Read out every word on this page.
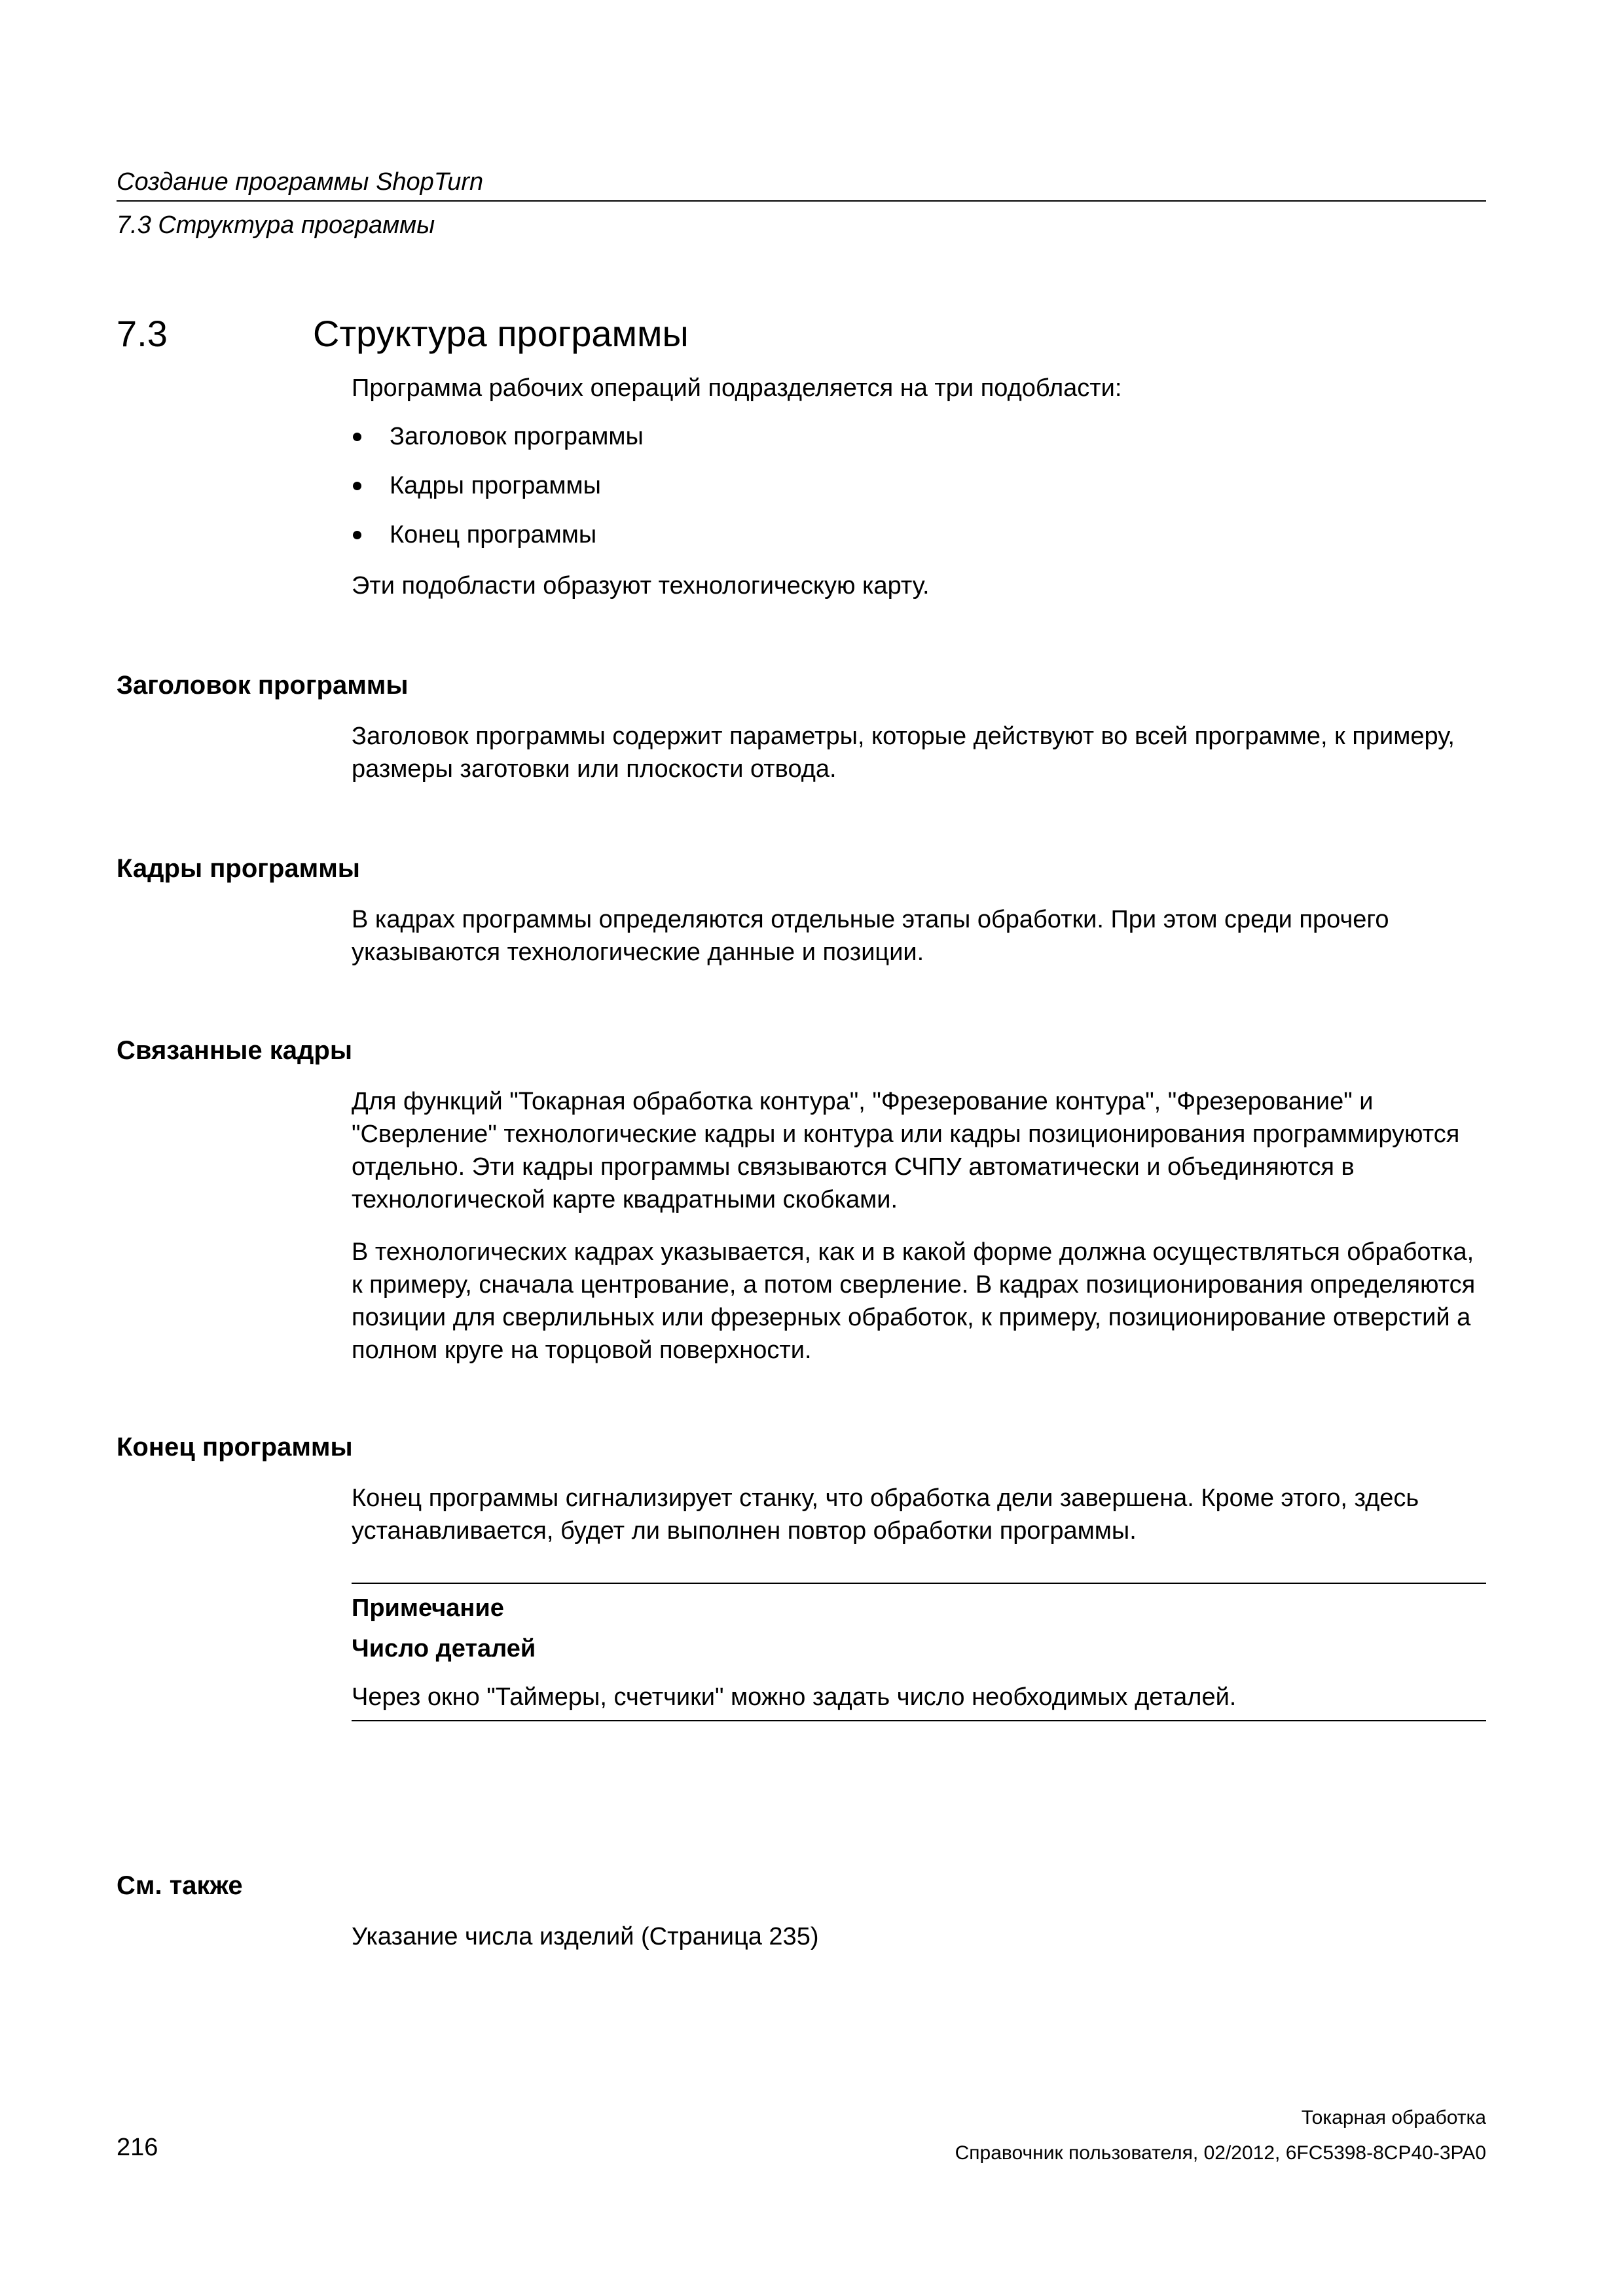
Создание программы ShopTurn
7.3 Структура программы
7.3	Структура программы

Программа рабочих операций подразделяется на три подобласти:

Заголовок программы
Кадры программы
Конец программы

Эти подобласти образуют технологическую карту.

Заголовок программы

Заголовок программы содержит параметры, которые действуют во всей программе, к примеру, размеры заготовки или плоскости отвода.

Кадры программы

В кадрах программы определяются отдельные этапы обработки. При этом среди прочего указываются технологические данные и позиции.

Связанные кадры

Для функций "Токарная обработка контура", "Фрезерование контура", "Фрезерование" и "Сверление" технологические кадры и контура или кадры позиционирования программируются отдельно. Эти кадры программы связываются СЧПУ автоматически и объединяются в технологической карте квадратными скобками.

В технологических кадрах указывается, как и в какой форме должна осуществляться обработка, к примеру, сначала центрование, а потом сверление. В кадрах позиционирования определяются позиции для сверлильных или фрезерных обработок, к примеру, позиционирование отверстий а полном круге на торцовой поверхности.

Конец программы

Конец программы сигнализирует станку, что обработка дели завершена. Кроме этого, здесь устанавливается, будет ли выполнен повтор обработки программы.

Примечание
Число деталей

Через окно "Таймеры, счетчики" можно задать число необходимых деталей.

См. также

Указание числа изделий (Страница 235)

216
Токарная обработка
Справочник пользователя, 02/2012, 6FC5398-8CP40-3PA0
